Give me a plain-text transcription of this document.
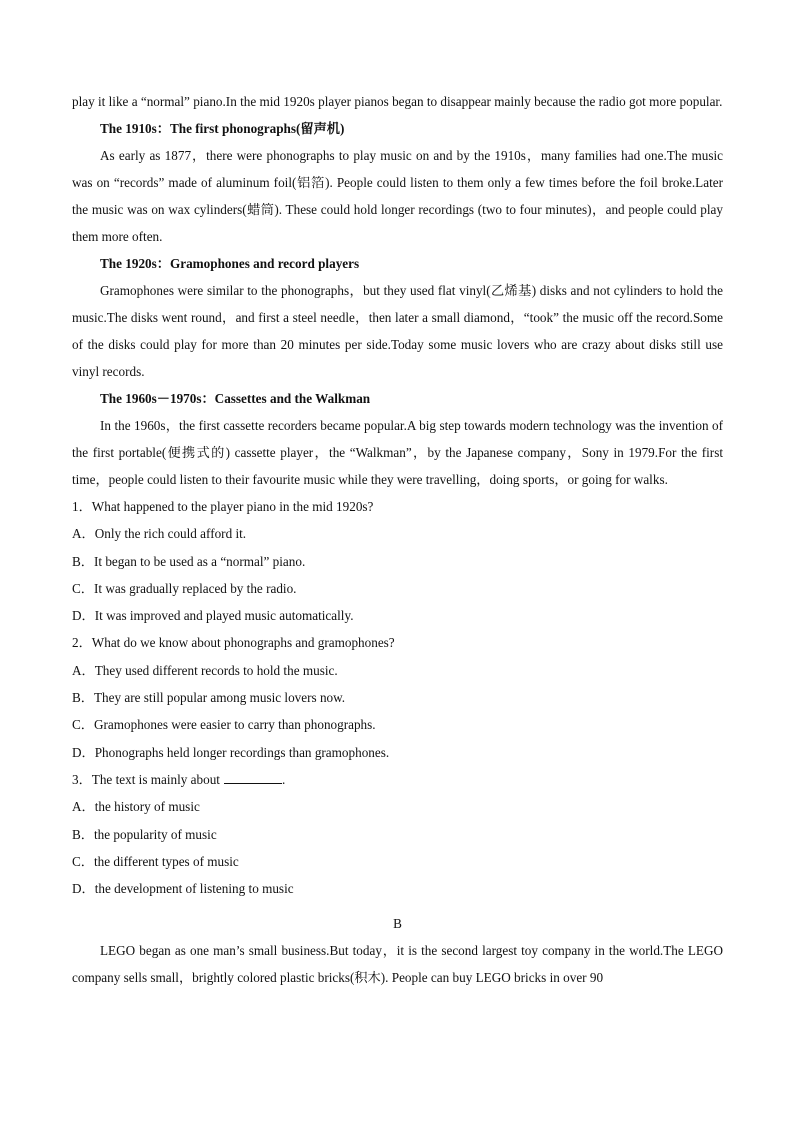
play it like a “normal” piano.In the mid 1920s player pianos began to disappear mainly because the radio got more popular.

The 1910s：The first phonographs(留声机)

As early as 1877，there were phonographs to play music on and by the 1910s，many families had one.The music was on “records” made of aluminum foil(铝箔). People could listen to them only a few times before the foil broke.Later the music was on wax cylinders(蜡筒). These could hold longer recordings (two to four minutes)，and people could play them more often.

The 1920s：Gramophones and record players

Gramophones were similar to the phonographs，but they used flat vinyl(乙烯基) disks and not cylinders to hold the music.The disks went round，and first a steel needle，then later a small diamond，“took” the music off the record.Some of the disks could play for more than 20 minutes per side.Today some music lovers who are crazy about disks still use vinyl records.

The 1960s－1970s：Cassettes and the Walkman

In the 1960s，the first cassette recorders became popular.A big step towards modern technology was the invention of the first portable(便携式的) cassette player，the “Walkman”，by the Japanese company，Sony in 1979.For the first time，people could listen to their favourite music while they were travelling，doing sports，or going for walks.

1．What happened to the player piano in the mid 1920s?

A．Only the rich could afford it.

B．It began to be used as a “normal” piano.

C．It was gradually replaced by the radio.

D．It was improved and played music automatically.

2．What do we know about phonographs and gramophones?

A．They used different records to hold the music.

B．They are still popular among music lovers now.

C．Gramophones were easier to carry than phonographs.

D．Phonographs held longer recordings than gramophones.

3．The text is mainly about	.

A．the history of music

B．the popularity of music

C．the different types of music

D．the development of listening to music

B

LEGO began as one man’s small business.But today，it is the second largest toy company in the world.The LEGO company sells small，brightly colored plastic bricks(积木). People can buy LEGO bricks in over 90
